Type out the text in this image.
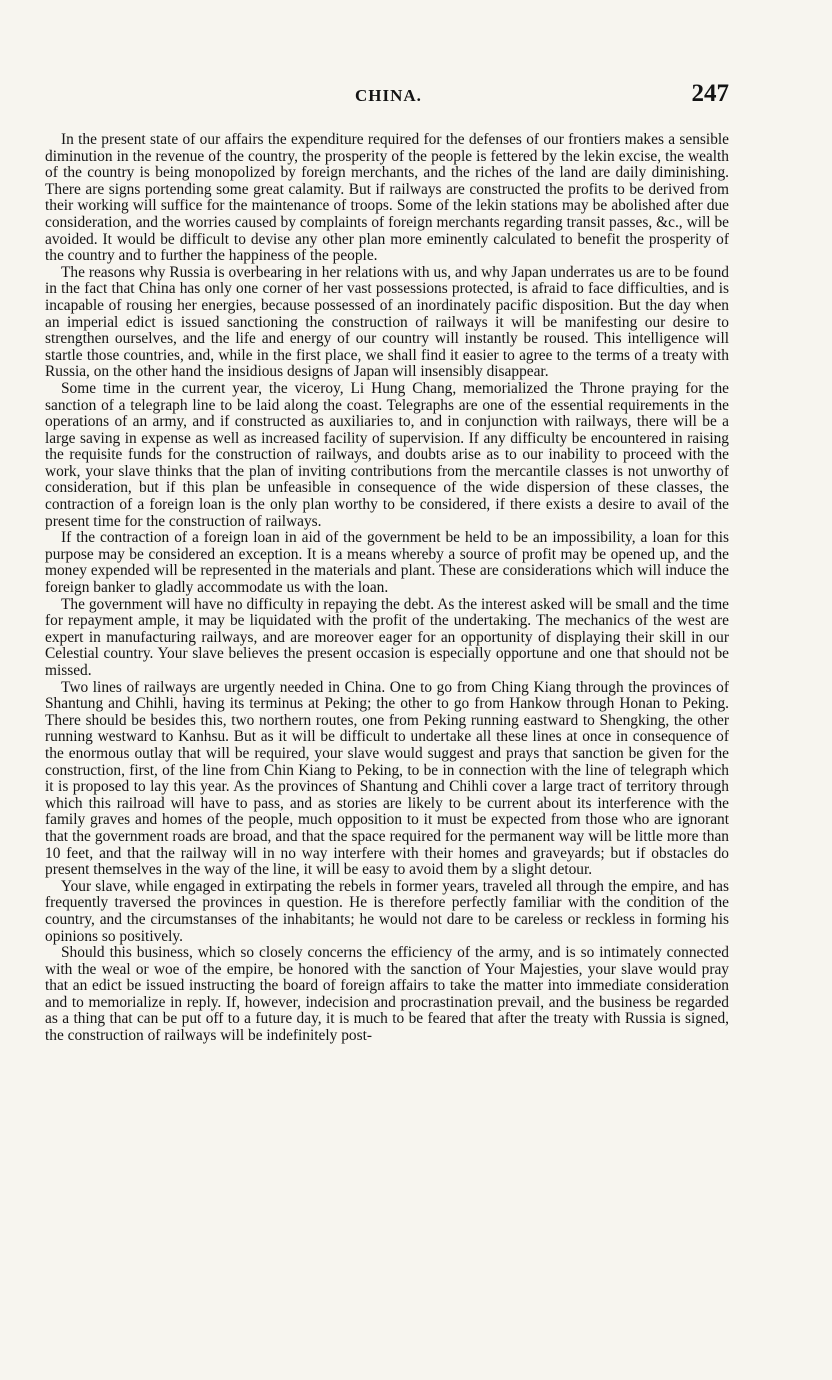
CHINA.	247

In the present state of our affairs the expenditure required for the defenses of our frontiers makes a sensible diminution in the revenue of the country, the prosperity of the people is fettered by the lekin excise, the wealth of the country is being monopolized by foreign merchants, and the riches of the land are daily diminishing. There are signs portending some great calamity. But if railways are constructed the profits to be derived from their working will suffice for the maintenance of troops. Some of the lekin stations may be abolished after due consideration, and the worries caused by complaints of foreign merchants regarding transit passes, &c., will be avoided. It would be difficult to devise any other plan more eminently calculated to benefit the prosperity of the country and to further the happiness of the people.

The reasons why Russia is overbearing in her relations with us, and why Japan underrates us are to be found in the fact that China has only one corner of her vast possessions protected, is afraid to face difficulties, and is incapable of rousing her energies, because possessed of an inordinately pacific disposition. But the day when an imperial edict is issued sanctioning the construction of railways it will be manifesting our desire to strengthen ourselves, and the life and energy of our country will instantly be roused. This intelligence will startle those countries, and, while in the first place, we shall find it easier to agree to the terms of a treaty with Russia, on the other hand the insidious designs of Japan will insensibly disappear.

Some time in the current year, the viceroy, Li Hung Chang, memorialized the Throne praying for the sanction of a telegraph line to be laid along the coast. Telegraphs are one of the essential requirements in the operations of an army, and if constructed as auxiliaries to, and in conjunction with railways, there will be a large saving in expense as well as increased facility of supervision. If any difficulty be encountered in raising the requisite funds for the construction of railways, and doubts arise as to our inability to proceed with the work, your slave thinks that the plan of inviting contributions from the mercantile classes is not unworthy of consideration, but if this plan be unfeasible in consequence of the wide dispersion of these classes, the contraction of a foreign loan is the only plan worthy to be considered, if there exists a desire to avail of the present time for the construction of railways.

If the contraction of a foreign loan in aid of the government be held to be an impossibility, a loan for this purpose may be considered an exception. It is a means whereby a source of profit may be opened up, and the money expended will be represented in the materials and plant. These are considerations which will induce the foreign banker to gladly accommodate us with the loan.

The government will have no difficulty in repaying the debt. As the interest asked will be small and the time for repayment ample, it may be liquidated with the profit of the undertaking. The mechanics of the west are expert in manufacturing railways, and are moreover eager for an opportunity of displaying their skill in our Celestial country. Your slave believes the present occasion is especially opportune and one that should not be missed.

Two lines of railways are urgently needed in China. One to go from Ching Kiang through the provinces of Shantung and Chihli, having its terminus at Peking; the other to go from Hankow through Honan to Peking. There should be besides this, two northern routes, one from Peking running eastward to Shengking, the other running westward to Kanhsu. But as it will be difficult to undertake all these lines at once in consequence of the enormous outlay that will be required, your slave would suggest and prays that sanction be given for the construction, first, of the line from Chin Kiang to Peking, to be in connection with the line of telegraph which it is proposed to lay this year. As the provinces of Shantung and Chihli cover a large tract of territory through which this railroad will have to pass, and as stories are likely to be current about its interference with the family graves and homes of the people, much opposition to it must be expected from those who are ignorant that the government roads are broad, and that the space required for the permanent way will be little more than 10 feet, and that the railway will in no way interfere with their homes and graveyards; but if obstacles do present themselves in the way of the line, it will be easy to avoid them by a slight detour.

Your slave, while engaged in extirpating the rebels in former years, traveled all through the empire, and has frequently traversed the provinces in question. He is therefore perfectly familiar with the condition of the country, and the circumstanses of the inhabitants; he would not dare to be careless or reckless in forming his opinions so positively.

Should this business, which so closely concerns the efficiency of the army, and is so intimately connected with the weal or woe of the empire, be honored with the sanction of Your Majesties, your slave would pray that an edict be issued instructing the board of foreign affairs to take the matter into immediate consideration and to memorialize in reply. If, however, indecision and procrastination prevail, and the business be regarded as a thing that can be put off to a future day, it is much to be feared that after the treaty with Russia is signed, the construction of railways will be indefinitely post-
